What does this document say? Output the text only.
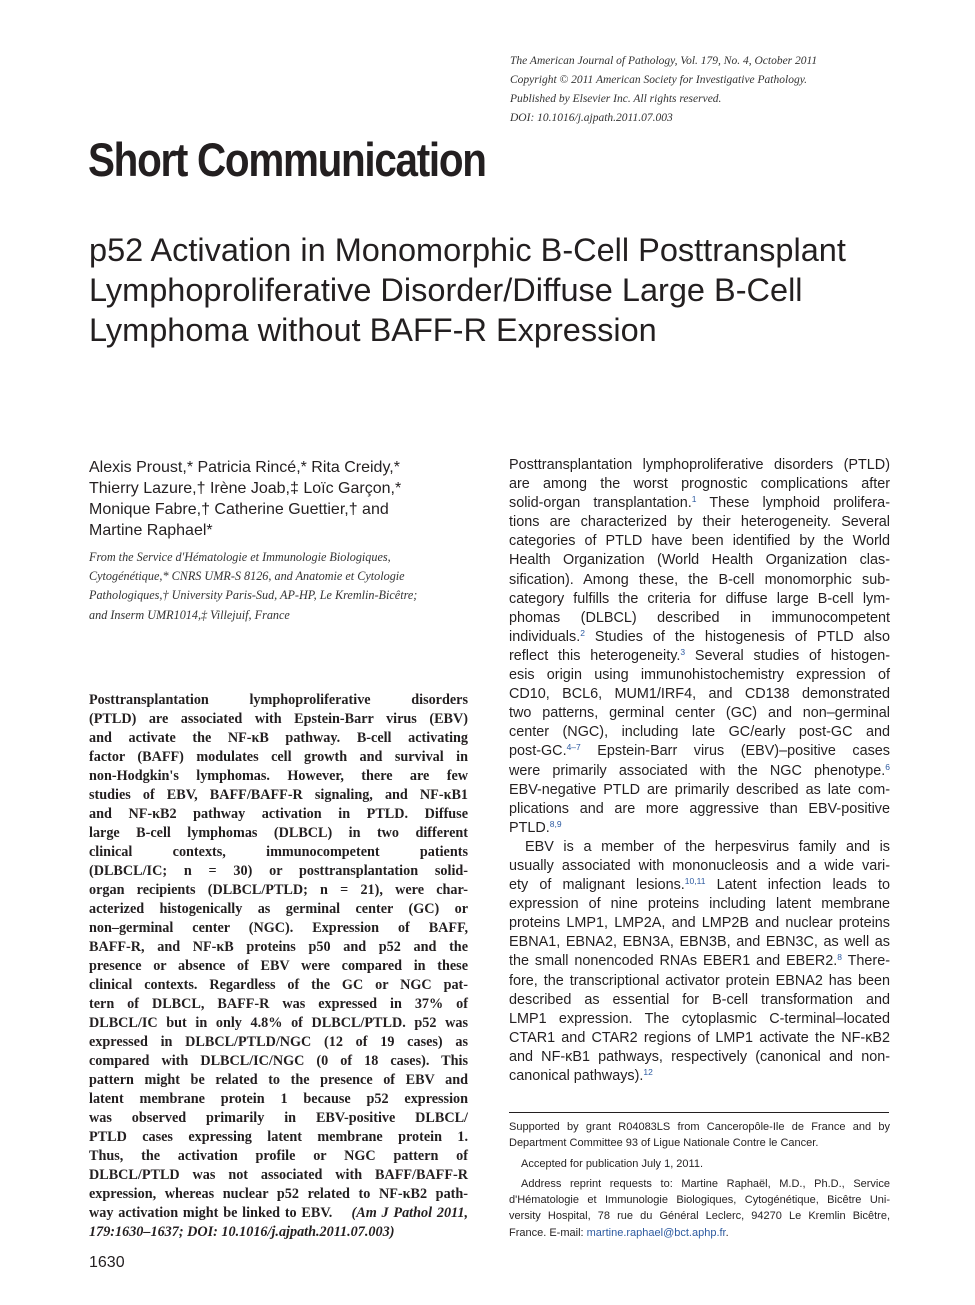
The American Journal of Pathology, Vol. 179, No. 4, October 2011
Copyright © 2011 American Society for Investigative Pathology.
Published by Elsevier Inc. All rights reserved.
DOI: 10.1016/j.ajpath.2011.07.003
Short Communication
p52 Activation in Monomorphic B-Cell Posttransplant
Lymphoproliferative Disorder/Diffuse Large B-Cell
Lymphoma without BAFF-R Expression
Alexis Proust,* Patricia Rincé,* Rita Creidy,*
Thierry Lazure,† Irène Joab,‡ Loïc Garçon,*
Monique Fabre,† Catherine Guettier,† and
Martine Raphael*
From the Service d'Hématologie et Immunologie Biologiques,
Cytogénétique,* CNRS UMR-S 8126, and Anatomie et Cytologie
Pathologiques,† University Paris-Sud, AP-HP, Le Kremlin-Bicêtre;
and Inserm UMR1014,‡ Villejuif, France
Posttransplantation lymphoproliferative disorders
(PTLD) are associated with Epstein-Barr virus (EBV)
and activate the NF-κB pathway. B-cell activating
factor (BAFF) modulates cell growth and survival in
non-Hodgkin's lymphomas. However, there are few
studies of EBV, BAFF/BAFF-R signaling, and NF-κB1
and NF-κB2 pathway activation in PTLD. Diffuse
large B-cell lymphomas (DLBCL) in two different
clinical contexts, immunocompetent patients
(DLBCL/IC; n = 30) or posttransplantation solid-
organ recipients (DLBCL/PTLD; n = 21), were char-
acterized histogenically as germinal center (GC) or
non–germinal center (NGC). Expression of BAFF,
BAFF-R, and NF-κB proteins p50 and p52 and the
presence or absence of EBV were compared in these
clinical contexts. Regardless of the GC or NGC pat-
tern of DLBCL, BAFF-R was expressed in 37% of
DLBCL/IC but in only 4.8% of DLBCL/PTLD. p52 was
expressed in DLBCL/PTLD/NGC (12 of 19 cases) as
compared with DLBCL/IC/NGC (0 of 18 cases). This
pattern might be related to the presence of EBV and
latent membrane protein 1 because p52 expression
was observed primarily in EBV-positive DLBCL/
PTLD cases expressing latent membrane protein 1.
Thus, the activation profile or NGC pattern of
DLBCL/PTLD was not associated with BAFF/BAFF-R
expression, whereas nuclear p52 related to NF-κB2 path-
way activation might be linked to EBV. (Am J Pathol 2011,
179:1630–1637; DOI: 10.1016/j.ajpath.2011.07.003)
Posttransplantation lymphoproliferative disorders (PTLD)
are among the worst prognostic complications after
solid-organ transplantation.$^1$ These lymphoid prolifera-
tions are characterized by their heterogeneity. Several
categories of PTLD have been identified by the World
Health Organization (World Health Organization clas-
sification). Among these, the B-cell monomorphic sub-
category fulfills the criteria for diffuse large B-cell lym-
phomas (DLBCL) described in immunocompetent
individuals.$^2$ Studies of the histogenesis of PTLD also
reflect this heterogeneity.$^3$ Several studies of histogen-
esis origin using immunohistochemistry expression of
CD10, BCL6, MUM1/IRF4, and CD138 demonstrated
two patterns, germinal center (GC) and non–germinal
center (NGC), including late GC/early post-GC and
post-GC.$^{4-7}$ Epstein-Barr virus (EBV)–positive cases
were primarily associated with the NGC phenotype.$^6$
EBV-negative PTLD are primarily described as late com-
plications and are more aggressive than EBV-positive
PTLD.$^{8,9}$
EBV is a member of the herpesvirus family and is
usually associated with mononucleosis and a wide vari-
ety of malignant lesions.$^{10,11}$ Latent infection leads to
expression of nine proteins including latent membrane
proteins LMP1, LMP2A, and LMP2B and nuclear proteins
EBNA1, EBNA2, EBN3A, EBN3B, and EBN3C, as well as
the small nonencoded RNAs EBER1 and EBER2.$^8$ There-
fore, the transcriptional activator protein EBNA2 has been
described as essential for B-cell transformation and
LMP1 expression. The cytoplasmic C-terminal–located
CTAR1 and CTAR2 regions of LMP1 activate the NF-κB2
and NF-κB1 pathways, respectively (canonical and non-
canonical pathways).$^{12}$
Supported by grant R04083LS from Canceropôle-Ile de France and by
Department Committee 93 of Ligue Nationale Contre le Cancer.
Accepted for publication July 1, 2011.
Address reprint requests to: Martine Raphaël, M.D., Ph.D., Service
d'Hématologie et Immunologie Biologiques, Cytogénétique, Bicêtre Uni-
versity Hospital, 78 rue du Général Leclerc, 94270 Le Kremlin Bicêtre,
France. E-mail: martine.raphael@bct.aphp.fr.
1630
